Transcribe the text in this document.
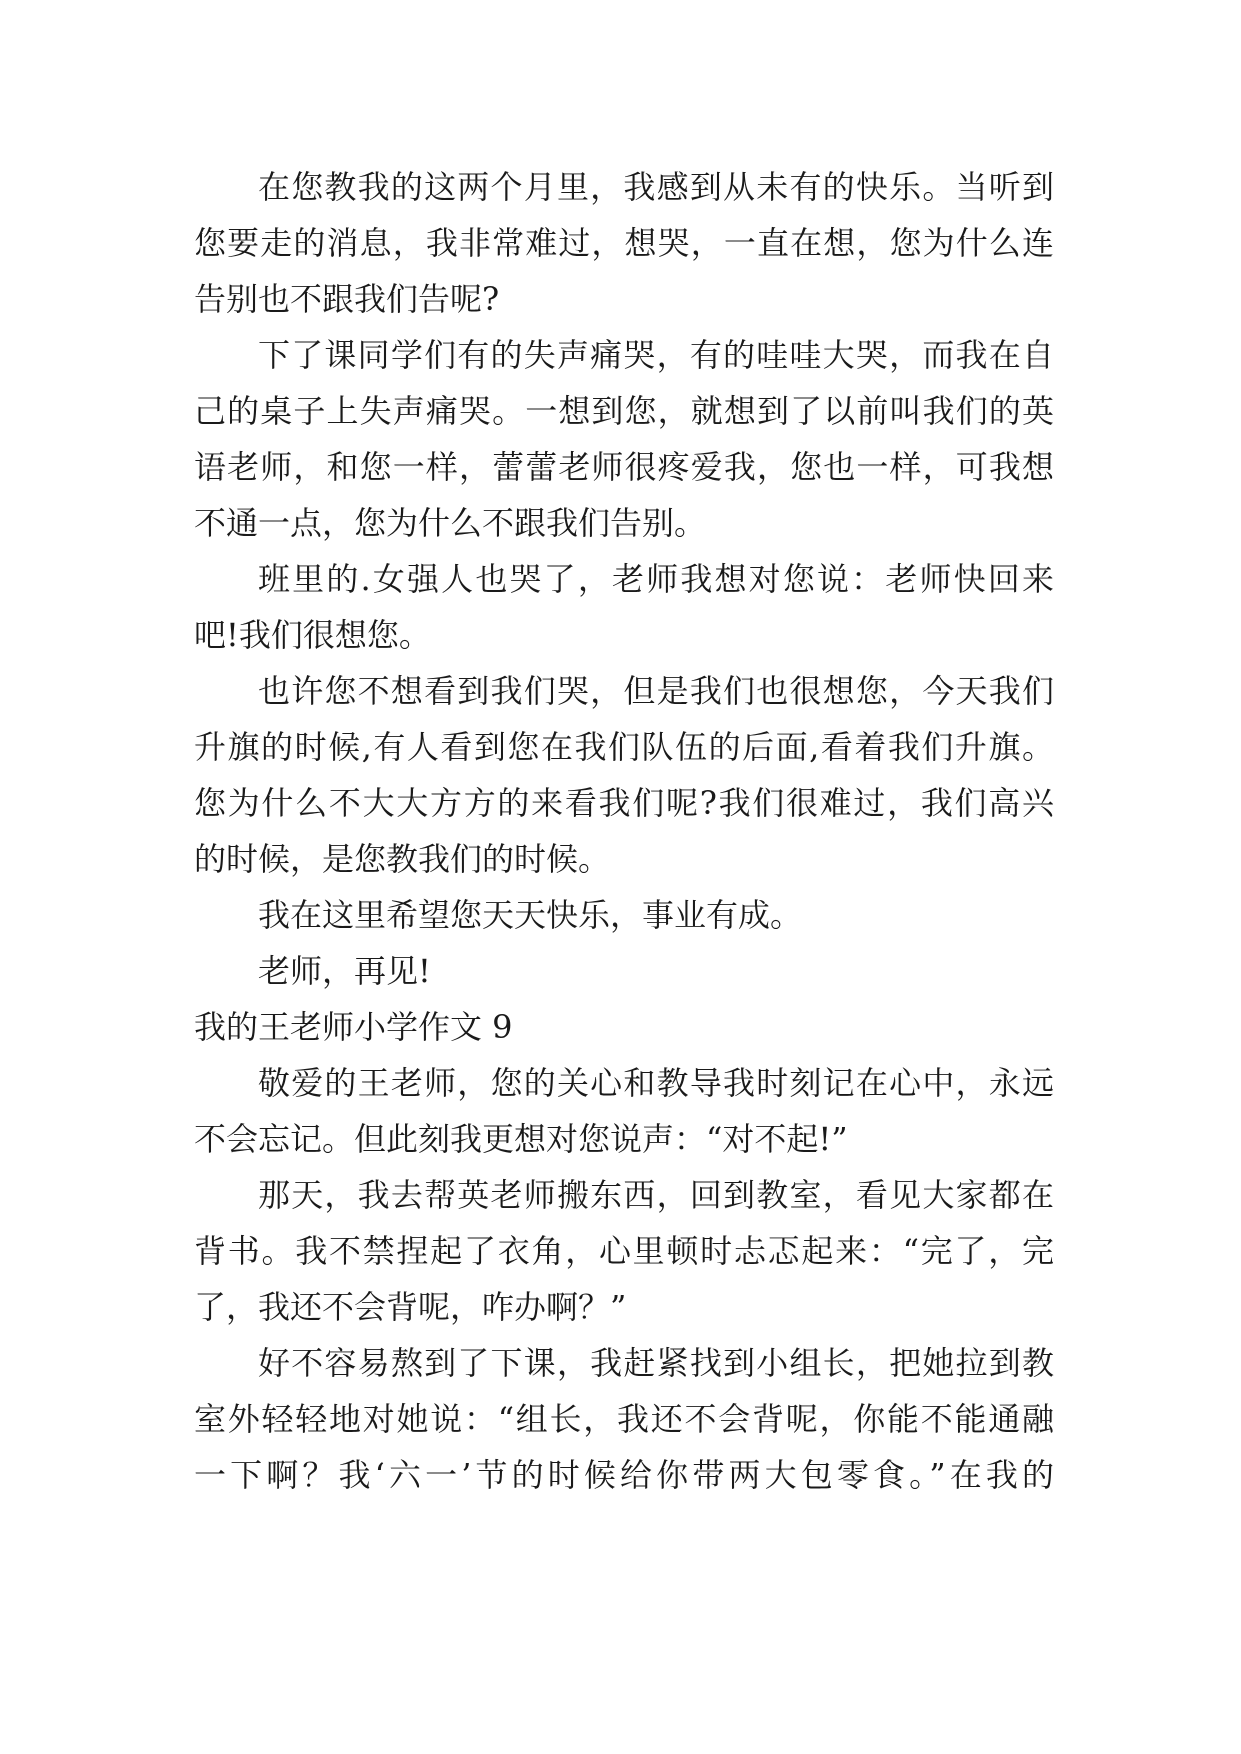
在您教我的这两个月里，我感到从未有的快乐。当听到
您要走的消息，我非常难过，想哭，一直在想，您为什么连
告别也不跟我们告呢?
下了课同学们有的失声痛哭，有的哇哇大哭，而我在自
己的桌子上失声痛哭。一想到您，就想到了以前叫我们的英
语老师，和您一样，蕾蕾老师很疼爱我，您也一样，可我想
不通一点，您为什么不跟我们告别。
班里的.女强人也哭了，老师我想对您说：老师快回来
吧!我们很想您。
也许您不想看到我们哭，但是我们也很想您，今天我们
升旗的时候,有人看到您在我们队伍的后面,看着我们升旗。
您为什么不大大方方的来看我们呢?我们很难过，我们高兴
的时候，是您教我们的时候。
我在这里希望您天天快乐，事业有成。
老师，再见!
我的王老师小学作文 9
敬爱的王老师，您的关心和教导我时刻记在心中，永远
不会忘记。但此刻我更想对您说声：“对不起!”
那天，我去帮英老师搬东西，回到教室，看见大家都在
背书。我不禁捏起了衣角，心里顿时忐忑起来：“完了，完
了，我还不会背呢，咋办啊？”
好不容易熬到了下课，我赶紧找到小组长，把她拉到教
室外轻轻地对她说：“组长，我还不会背呢，你能不能通融
一下啊？我‘六一’节的时候给你带两大包零食。”在我的
